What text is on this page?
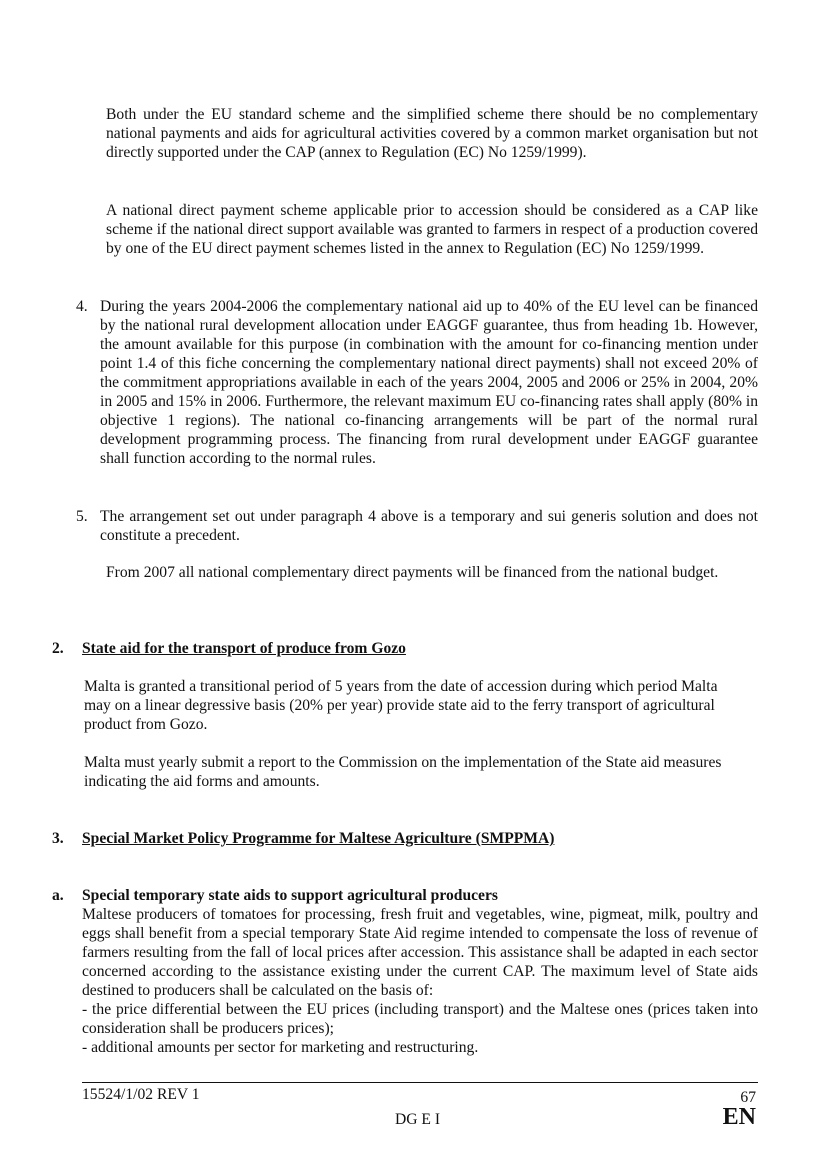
Both under the EU standard scheme and the simplified scheme there should be no complementary national payments and aids for agricultural activities covered by a common market organisation but not directly supported under the CAP (annex to Regulation (EC) No 1259/1999).

A national direct payment scheme applicable prior to accession should be considered as a CAP like scheme if the national direct support available was granted to farmers in respect of a production covered by one of the EU direct payment schemes listed in the annex to Regulation (EC) No 1259/1999.

4. During the years 2004-2006 the complementary national aid up to 40% of the EU level can be financed by the national rural development allocation under EAGGF guarantee, thus from heading 1b. However, the amount available for this purpose (in combination with the amount for co-financing mention under point 1.4 of this fiche concerning the complementary national direct payments) shall not exceed 20% of the commitment appropriations available in each of the years 2004, 2005 and 2006 or 25% in 2004, 20% in 2005 and 15% in 2006. Furthermore, the relevant maximum EU co-financing rates shall apply (80% in objective 1 regions). The national co-financing arrangements will be part of the normal rural development programming process. The financing from rural development under EAGGF guarantee shall function according to the normal rules.

5. The arrangement set out under paragraph 4 above is a temporary and sui generis solution and does not constitute a precedent.

From 2007 all national complementary direct payments will be financed from the national budget.

2. State aid for the transport of produce from Gozo

Malta is granted a transitional period of 5 years from the date of accession during which period Malta may on a linear degressive basis (20% per year) provide state aid to the ferry transport of agricultural product from Gozo.

Malta must yearly submit a report to the Commission on the implementation of the State aid measures indicating the aid forms and amounts.

3. Special Market Policy Programme for Maltese Agriculture (SMPPMA)
a. Special temporary state aids to support agricultural producers
Maltese producers of tomatoes for processing, fresh fruit and vegetables, wine, pigmeat, milk, poultry and eggs shall benefit from a special temporary State Aid regime intended to compensate the loss of revenue of farmers resulting from the fall of local prices after accession. This assistance shall be adapted in each sector concerned according to the assistance existing under the current CAP. The maximum level of State aids destined to producers shall be calculated on the basis of:
- the price differential between the EU prices (including transport) and the Maltese ones (prices taken into consideration shall be producers prices);
- additional amounts per sector for marketing and restructuring.
15524/1/02 REV 1	67
DG E I	EN
